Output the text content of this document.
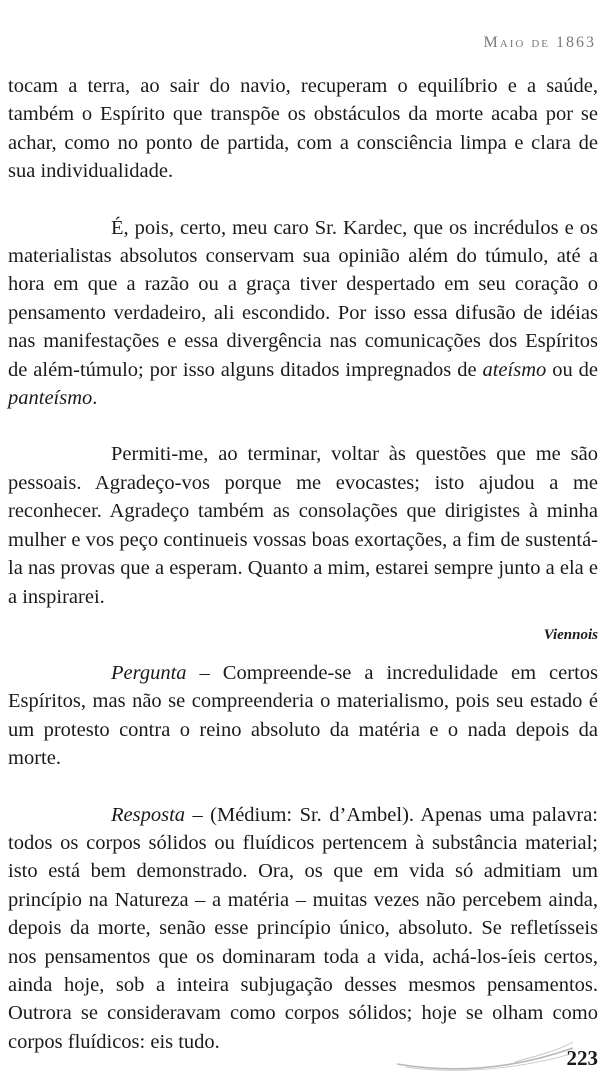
Maio de 1863

tocam a terra, ao sair do navio, recuperam o equilíbrio e a saúde, também o Espírito que transpõe os obstáculos da morte acaba por se achar, como no ponto de partida, com a consciência limpa e clara de sua individualidade.

É, pois, certo, meu caro Sr. Kardec, que os incrédulos e os materialistas absolutos conservam sua opinião além do túmulo, até a hora em que a razão ou a graça tiver despertado em seu coração o pensamento verdadeiro, ali escondido. Por isso essa difusão de idéias nas manifestações e essa divergência nas comunicações dos Espíritos de além-túmulo; por isso alguns ditados impregnados de ateísmo ou de panteísmo.

Permiti-me, ao terminar, voltar às questões que me são pessoais. Agradeço-vos porque me evocastes; isto ajudou a me reconhecer. Agradeço também as consolações que dirigistes à minha mulher e vos peço continueis vossas boas exortações, a fim de sustentá-la nas provas que a esperam. Quanto a mim, estarei sempre junto a ela e a inspirarei.

Viennois

Pergunta – Compreende-se a incredulidade em certos Espíritos, mas não se compreenderia o materialismo, pois seu estado é um protesto contra o reino absoluto da matéria e o nada depois da morte.

Resposta – (Médium: Sr. d’Ambel). Apenas uma palavra: todos os corpos sólidos ou fluídicos pertencem à substância material; isto está bem demonstrado. Ora, os que em vida só admitiam um princípio na Natureza – a matéria – muitas vezes não percebem ainda, depois da morte, senão esse princípio único, absoluto. Se refletísseis nos pensamentos que os dominaram toda a vida, achá-los-íeis certos, ainda hoje, sob a inteira subjugação desses mesmos pensamentos. Outrora se consideravam como corpos sólidos; hoje se olham como corpos fluídicos: eis tudo.

223
